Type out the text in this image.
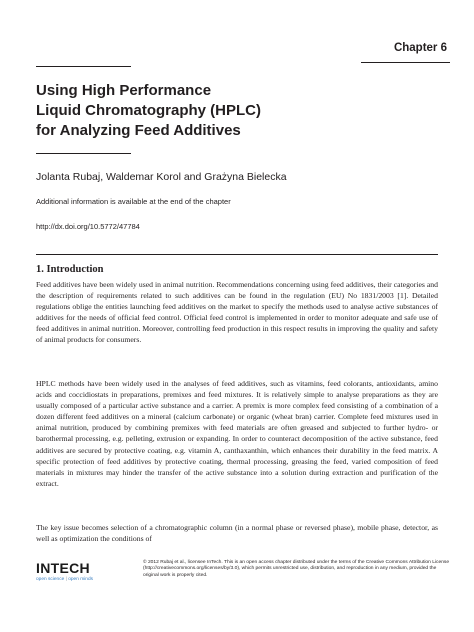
Chapter 6
Using High Performance
Liquid Chromatography (HPLC)
for Analyzing Feed Additives
Jolanta Rubaj, Waldemar Korol and Grażyna Bielecka
Additional information is available at the end of the chapter
http://dx.doi.org/10.5772/47784
1. Introduction

Feed additives have been widely used in animal nutrition. Recommendations concerning using feed additives, their categories and the description of requirements related to such additives can be found in the regulation (EU) No 1831/2003 [1]. Detailed regulations oblige the entities launching feed additives on the market to specify the methods used to analyse active substances of additives for the needs of official feed control. Official feed control is implemented in order to monitor adequate and safe use of feed additives in animal nutrition. Moreover, controlling feed production in this respect results in improving the quality and safety of animal products for consumers.

HPLC methods have been widely used in the analyses of feed additives, such as vitamins, feed colorants, antioxidants, amino acids and coccidiostats in preparations, premixes and feed mixtures. It is relatively simple to analyse preparations as they are usually composed of a particular active substance and a carrier. A premix is more complex feed consisting of a combination of a dozen different feed additives on a mineral (calcium carbonate) or organic (wheat bran) carrier. Complete feed mixtures used in animal nutrition, produced by combining premixes with feed materials are often greased and subjected to further hydro- or barothermal processing, e.g. pelleting, extrusion or expanding. In order to counteract decomposition of the active substance, feed additives are secured by protective coating, e.g. vitamin A, canthaxanthin, which enhances their durability in the feed matrix. A specific protection of feed additives by protective coating, thermal processing, greasing the feed, varied composition of feed materials in mixtures may hinder the transfer of the active substance into a solution during extraction and purification of the extract.

The key issue becomes selection of a chromatographic column (in a normal phase or reversed phase), mobile phase, detector, as well as optimization the conditions of

INTECH
open science | open minds

© 2012 Rubaj et al., licensee InTech. This is an open access chapter distributed under the terms of the Creative Commons Attribution License (http://creativecommons.org/licenses/by/3.0), which permits unrestricted use, distribution, and reproduction in any medium, provided the original work is properly cited.
